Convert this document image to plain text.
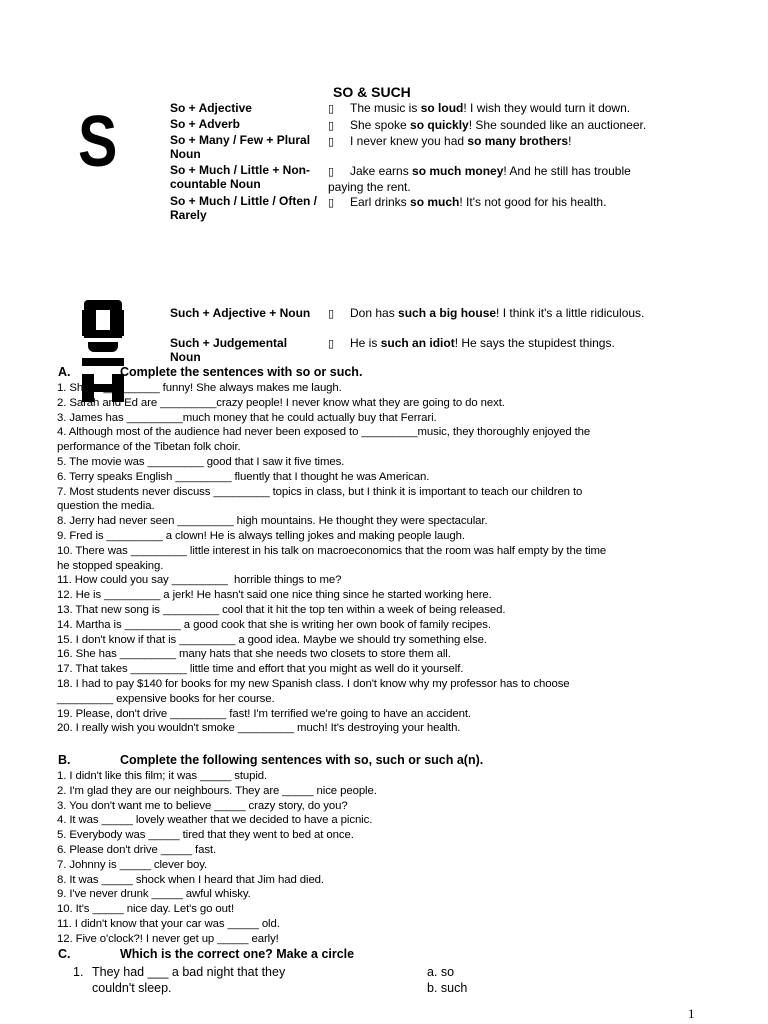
SO & SUCH
S	So + Adjective	▯ The music is so loud! I wish they would turn it down.
So + Adverb	▯ She spoke so quickly! She sounded like an auctioneer.
So + Many / Few + Plural Noun
▯ I never knew you had so many brothers!
So + Much / Little + Non-countable Noun
▯ Jake earns so much money! And he still has trouble
paying the rent.
So + Much / Little / Often / Rarely
▯ Earl drinks so much! It's not good for his health.
Such + Adjective + Noun	▯ Don has such a big house! I think it's a little ridiculous.
Such + Judgemental Noun
▯ He is such an idiot! He says the stupidest things.
A.	Complete the sentences with so or such.
1. She is _________ funny! She always makes me laugh.
2. Sarah and Ed are _________crazy people! I never know what they are going to do next.
3. James has _________much money that he could actually buy that Ferrari.
4. Although most of the audience had never been exposed to _________music, they thoroughly enjoyed the
performance of the Tibetan folk choir.
5. The movie was _________ good that I saw it five times.
6. Terry speaks English _________ fluently that I thought he was American.
7. Most students never discuss _________ topics in class, but I think it is important to teach our children to
question the media.
8. Jerry had never seen _________ high mountains. He thought they were spectacular.
9. Fred is _________ a clown! He is always telling jokes and making people laugh.
10. There was _________ little interest in his talk on macroeconomics that the room was half empty by the time
he stopped speaking.
11. How could you say _________  horrible things to me?
12. He is _________ a jerk! He hasn't said one nice thing since he started working here.
13. That new song is _________ cool that it hit the top ten within a week of being released.
14. Martha is _________ a good cook that she is writing her own book of family recipes.
15. I don't know if that is _________ a good idea. Maybe we should try something else.
16. She has _________ many hats that she needs two closets to store them all.
17. That takes _________ little time and effort that you might as well do it yourself.
18. I had to pay $140 for books for my new Spanish class. I don't know why my professor has to choose
_________ expensive books for her course.
19. Please, don't drive _________ fast! I'm terrified we're going to have an accident.
20. I really wish you wouldn't smoke _________ much! It's destroying your health.
B.	Complete the following sentences with so, such or such a(n).
1. I didn't like this film; it was _____ stupid.
2. I'm glad they are our neighbours. They are _____ nice people.
3. You don't want me to believe _____ crazy story, do you?
4. It was _____ lovely weather that we decided to have a picnic.
5. Everybody was _____ tired that they went to bed at once.
6. Please don't drive _____ fast.
7. Johnny is _____ clever boy.
8. It was _____ shock when I heard that Jim had died.
9. I've never drunk _____ awful whisky.
10. It's _____ nice day. Let's go out!
11. I didn't know that your car was _____ old.
12. Five o'clock?! I never get up _____ early!
C.	Which is the correct one? Make a circle
1. They had ___ a bad night that they
couldn't sleep.
a. so
b. such
1
